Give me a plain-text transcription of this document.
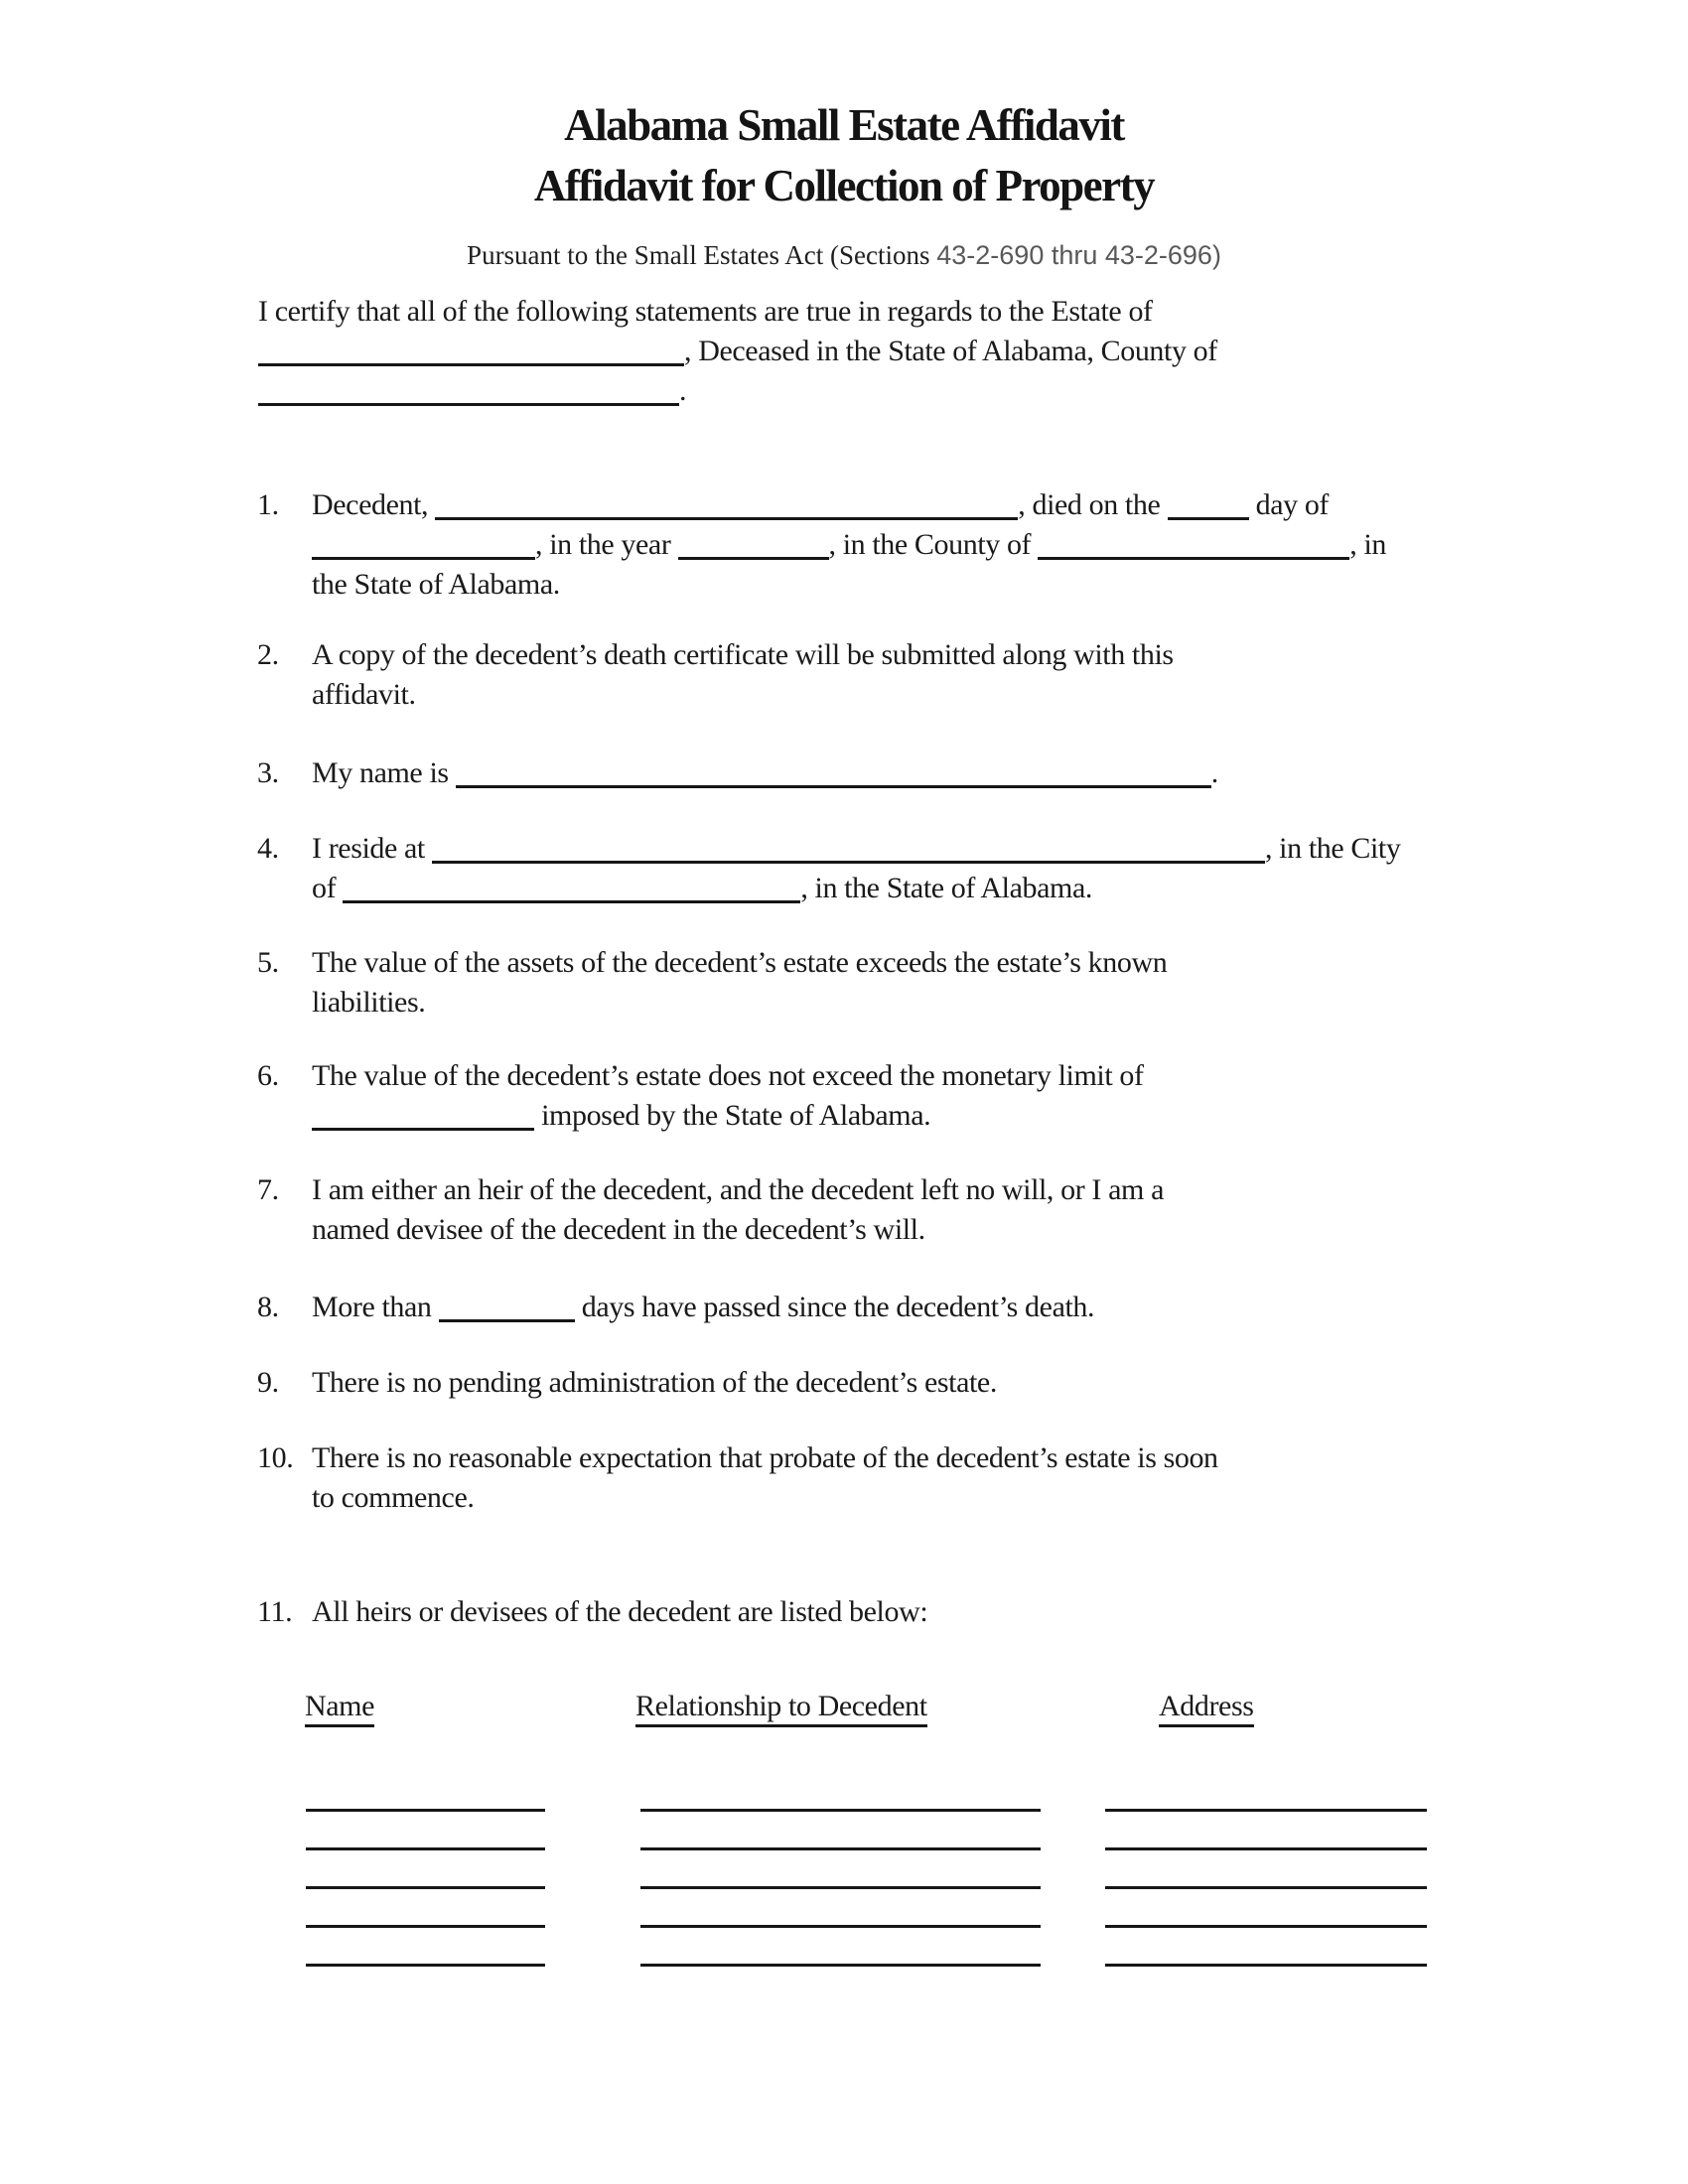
Alabama Small Estate Affidavit
Affidavit for Collection of Property
Pursuant to the Small Estates Act (Sections 43-2-690 thru 43-2-696)
I certify that all of the following statements are true in regards to the Estate of
, Deceased in the State of Alabama, County of
.
1.	Decedent,	, died on the	day of
, in the year	, in the County of	, in
the State of Alabama.
2.	A copy of the decedent’s death certificate will be submitted along with this
affidavit.
3.	My name is	.
4.	I reside at	, in the City
of	, in the State of Alabama.
5.	The value of the assets of the decedent’s estate exceeds the estate’s known
liabilities.
6.	The value of the decedent’s estate does not exceed the monetary limit of
imposed by the State of Alabama.
7.	I am either an heir of the decedent, and the decedent left no will, or I am a
named devisee of the decedent in the decedent’s will.
8.	More than	days have passed since the decedent’s death.
9.	There is no pending administration of the decedent’s estate.
10. There is no reasonable expectation that probate of the decedent’s estate is soon
to commence.
11. All heirs or devisees of the decedent are listed below:
Name	Relationship to Decedent	Address
